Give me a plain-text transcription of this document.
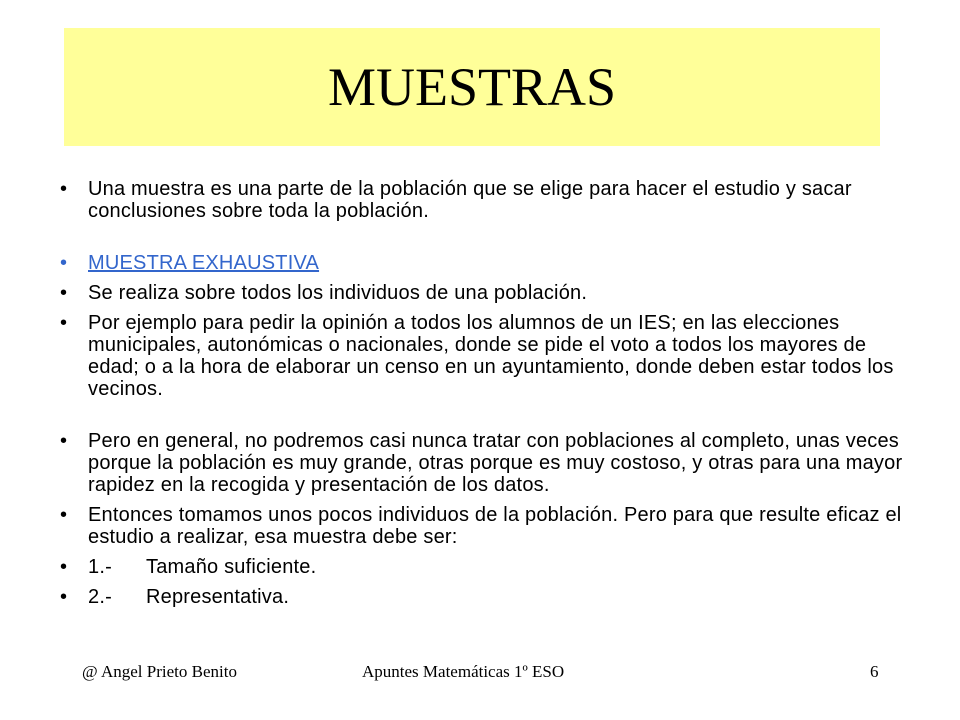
MUESTRAS
• Una muestra es una parte de la población que se elige para hacer el estudio y sacar conclusiones sobre toda la población.
• MUESTRA EXHAUSTIVA
• Se realiza sobre todos los individuos de una población.
• Por ejemplo para pedir la opinión a todos los alumnos de un IES; en las elecciones municipales, autonómicas o nacionales, donde se pide el voto a todos los mayores de edad; o a la hora de elaborar un censo en un ayuntamiento, donde deben estar todos los vecinos.
• Pero en general, no podremos casi nunca tratar con poblaciones al completo, unas veces porque la población es muy grande, otras porque es muy costoso, y otras para una mayor rapidez en la recogida y presentación de los datos.
• Entonces tomamos unos pocos individuos de la población. Pero para que resulte eficaz el estudio a realizar, esa muestra debe ser:
• 1.- Tamaño suficiente.
• 2.- Representativa.
@ Angel Prieto Benito	Apuntes Matemáticas 1º ESO	6
